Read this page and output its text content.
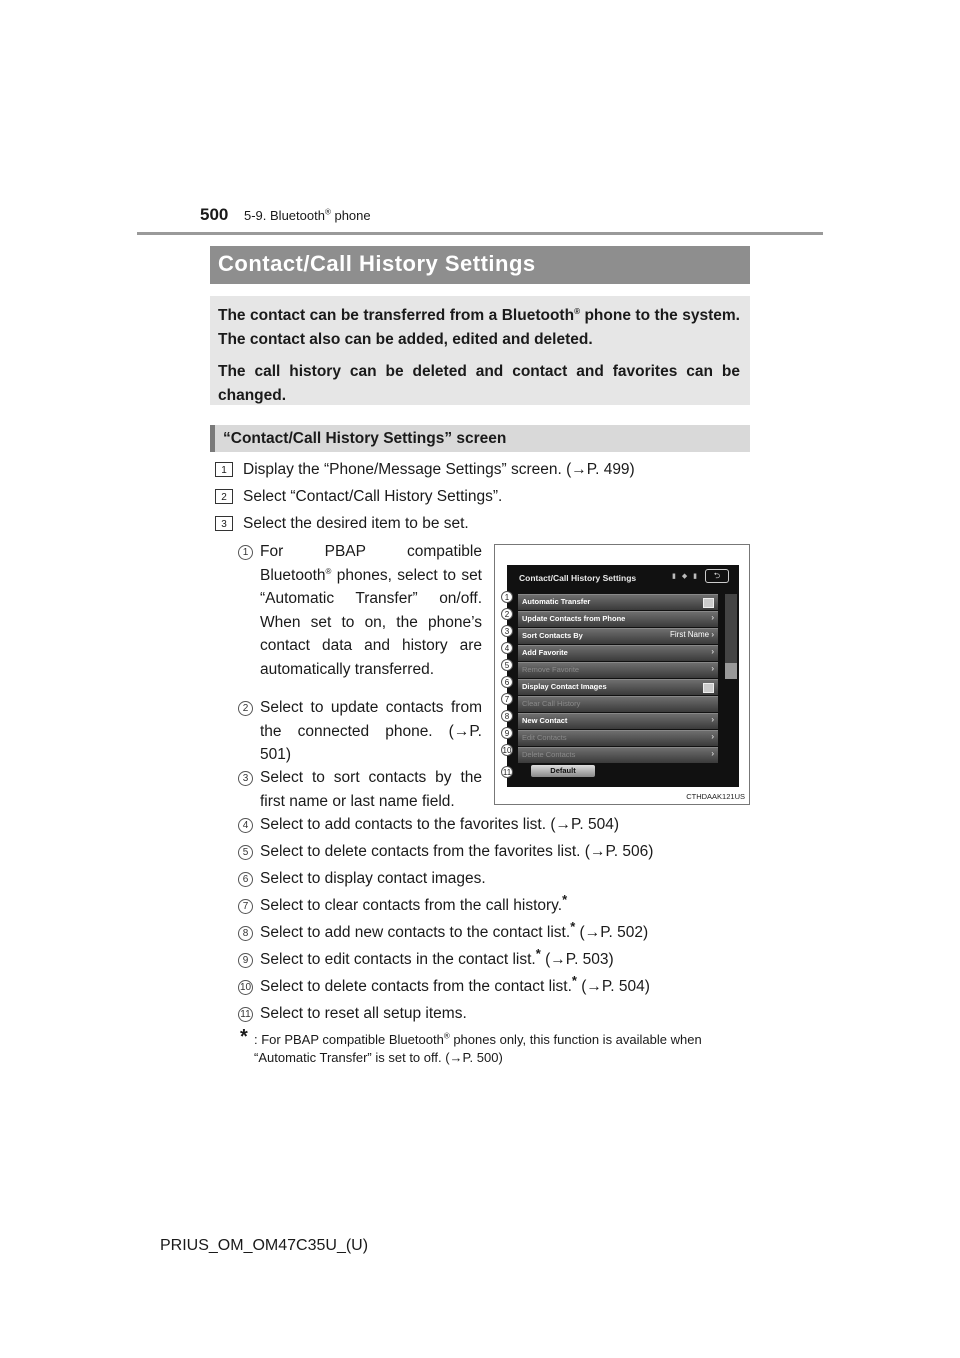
500 5-9. Bluetooth® phone
Contact/Call History Settings

The contact can be transferred from a Bluetooth® phone to the system. The contact also can be added, edited and deleted.

The call history can be deleted and contact and favorites can be changed.

“Contact/Call History Settings” screen
1	Display the “Phone/Message Settings” screen. (→P. 499)
2	Select “Contact/Call History Settings”.
3	Select the desired item to be set.
1 For PBAP compatible Bluetooth® phones, select to set “Automatic Transfer” on/off. When set to on, the phone’s contact data and history are automatically transferred.
2 Select to update contacts from the connected phone. (→P. 501)
3 Select to sort contacts by the first name or last name field.
Contact/Call History Settings	▮ ◆ ▮	⮌
Automatic Transfer
Update Contacts from Phone	›
Sort Contacts By	First Name ›
Add Favorite	›
Remove Favorite	›
Display Contact Images
Clear Call History
New Contact	›
Edit Contacts	›
Delete Contacts	›
Default
1
2
3
4
5
6
7
8
9
10
11
CTHDAAK121US
4 Select to add contacts to the favorites list. (→P. 504)
5 Select to delete contacts from the favorites list. (→P. 506)
6 Select to display contact images.
7 Select to clear contacts from the call history.*
8 Select to add new contacts to the contact list.* (→P. 502)
9 Select to edit contacts in the contact list.* (→P. 503)
10 Select to delete contacts from the contact list.* (→P. 504)
11 Select to reset all setup items.
* : For PBAP compatible Bluetooth® phones only, this function is available when “Automatic Transfer” is set to off. (→P. 500)
PRIUS_OM_OM47C35U_(U)
